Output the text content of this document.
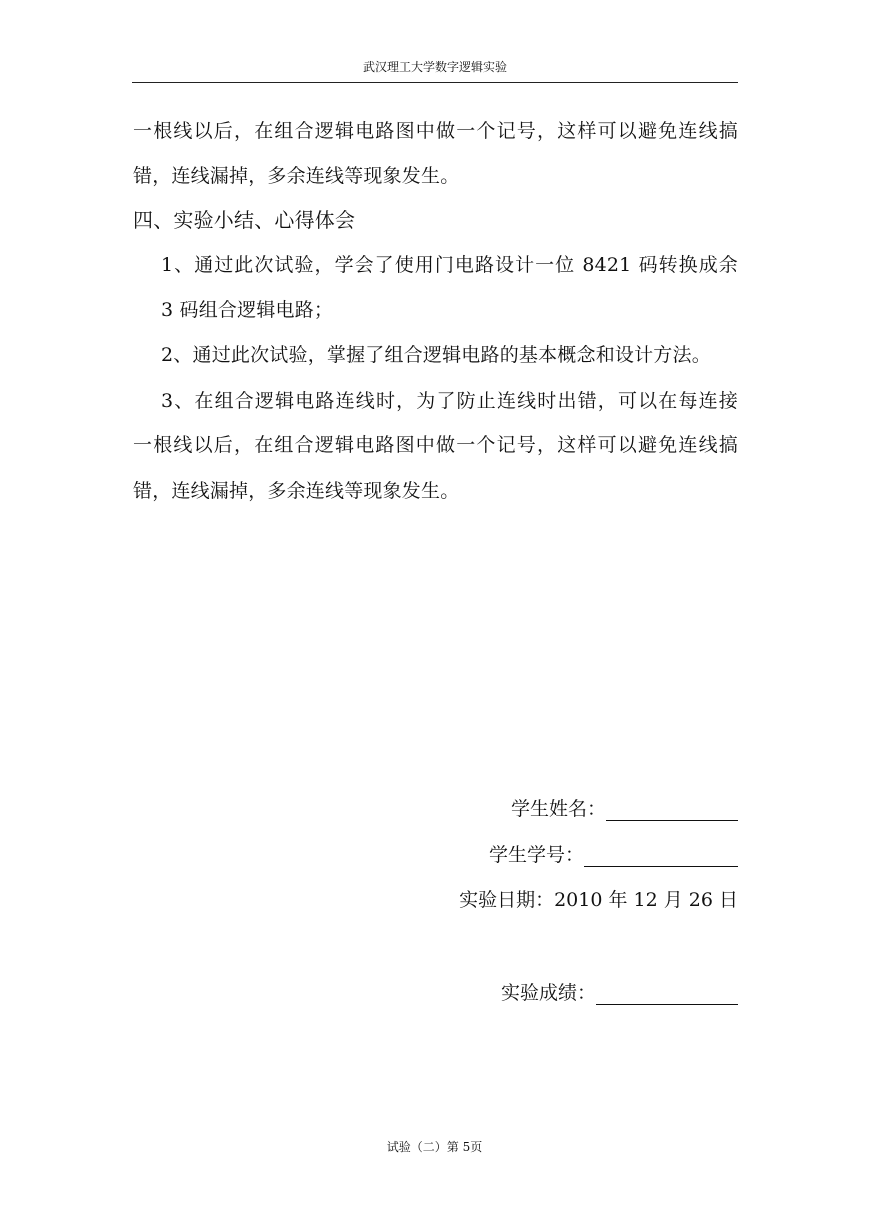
武汉理工大学数字逻辑实验
一根线以后，在组合逻辑电路图中做一个记号，这样可以避免连线搞
错，连线漏掉，多余连线等现象发生。
四、实验小结、心得体会
1、通过此次试验，学会了使用门电路设计一位 8421 码转换成余
3 码组合逻辑电路；
2、通过此次试验，掌握了组合逻辑电路的基本概念和设计方法。
3、在组合逻辑电路连线时，为了防止连线时出错，可以在每连接
一根线以后，在组合逻辑电路图中做一个记号，这样可以避免连线搞
错，连线漏掉，多余连线等现象发生。
学生姓名：
学生学号：
实验日期：2010 年 12 月 26 日
实验成绩：
试验（二）第 5页
